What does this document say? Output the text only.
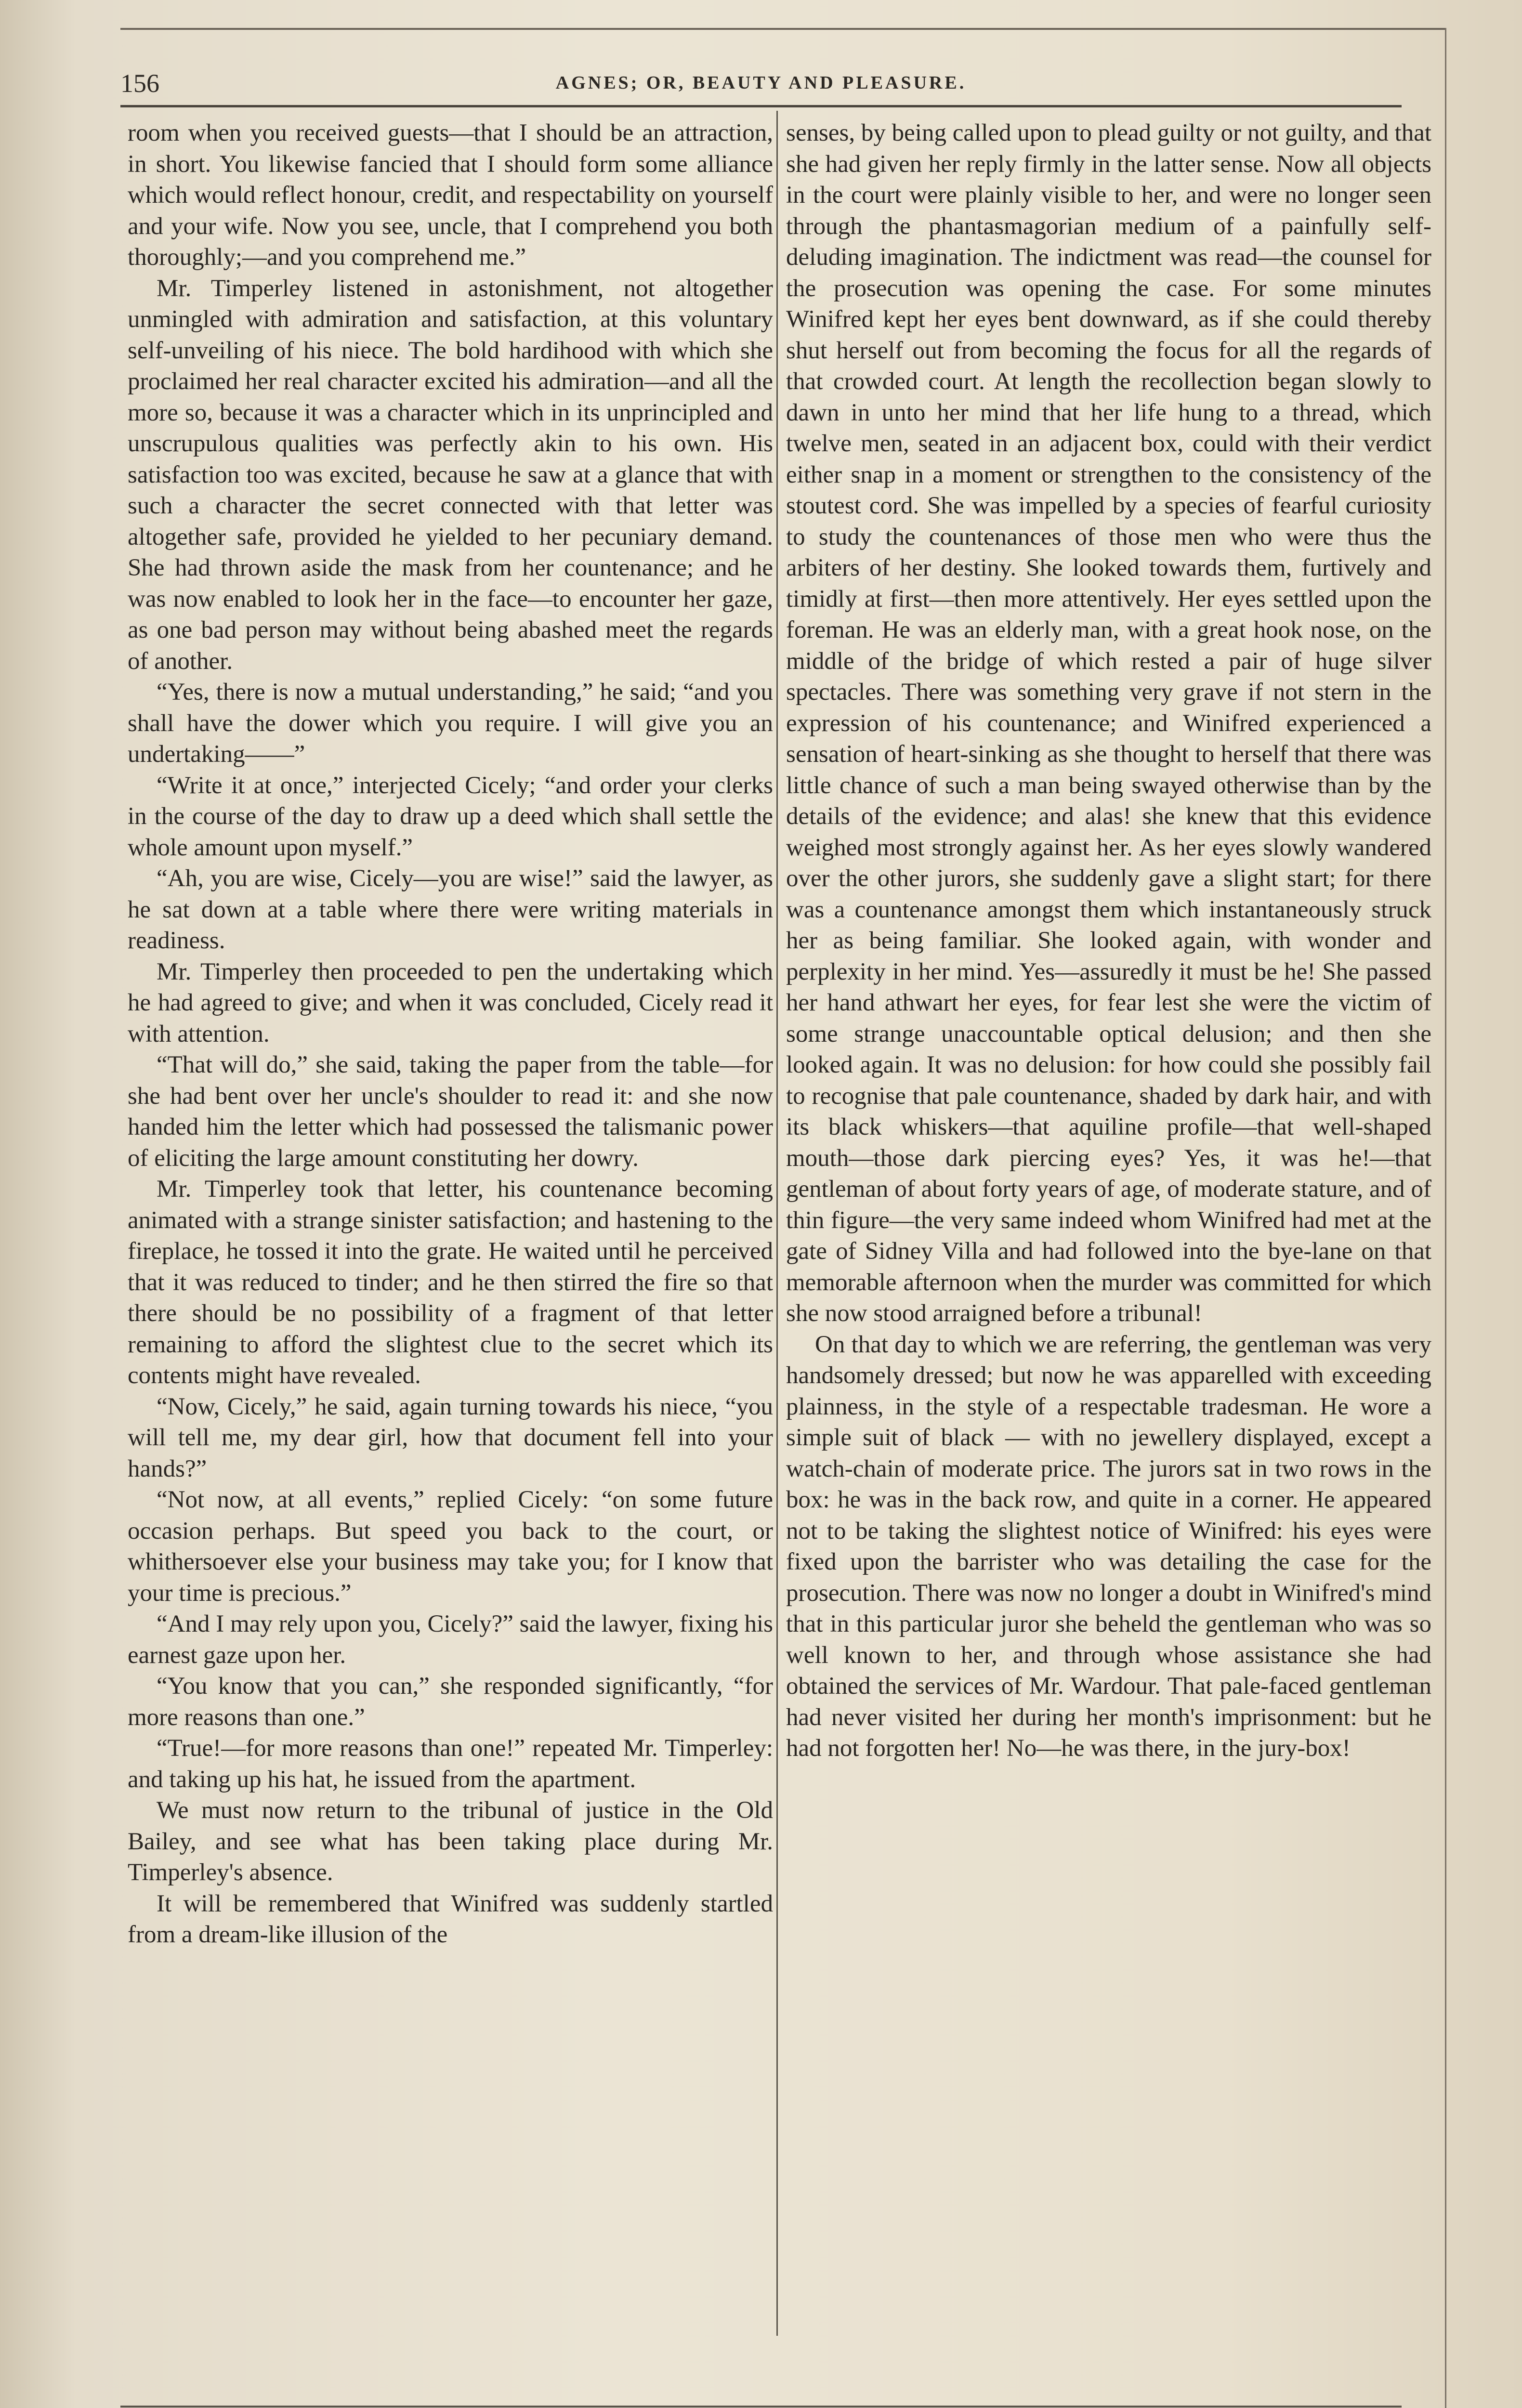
156	AGNES; OR, BEAUTY AND PLEASURE.

room when you received guests—that I should be an attraction, in short. You likewise fancied that I should form some alliance which would reflect honour, credit, and respectability on yourself and your wife. Now you see, uncle, that I comprehend you both thoroughly;—and you comprehend me.”

Mr. Timperley listened in astonishment, not altogether unmingled with admiration and satisfaction, at this voluntary self-unveiling of his niece. The bold hardihood with which she proclaimed her real character excited his admiration—and all the more so, because it was a character which in its unprincipled and unscrupulous qualities was perfectly akin to his own. His satisfaction too was excited, because he saw at a glance that with such a character the secret connected with that letter was altogether safe, provided he yielded to her pecuniary demand. She had thrown aside the mask from her countenance; and he was now enabled to look her in the face—to encounter her gaze, as one bad person may without being abashed meet the regards of another.

“Yes, there is now a mutual understanding,” he said; “and you shall have the dower which you require. I will give you an undertaking——”

“Write it at once,” interjected Cicely; “and order your clerks in the course of the day to draw up a deed which shall settle the whole amount upon myself.”

“Ah, you are wise, Cicely—you are wise!” said the lawyer, as he sat down at a table where there were writing materials in readiness.

Mr. Timperley then proceeded to pen the undertaking which he had agreed to give; and when it was concluded, Cicely read it with attention.

“That will do,” she said, taking the paper from the table—for she had bent over her uncle's shoulder to read it: and she now handed him the letter which had possessed the talismanic power of eliciting the large amount constituting her dowry.

Mr. Timperley took that letter, his countenance becoming animated with a strange sinister satisfaction; and hastening to the fireplace, he tossed it into the grate. He waited until he perceived that it was reduced to tinder; and he then stirred the fire so that there should be no possibility of a fragment of that letter remaining to afford the slightest clue to the secret which its contents might have revealed.

“Now, Cicely,” he said, again turning towards his niece, “you will tell me, my dear girl, how that document fell into your hands?”

“Not now, at all events,” replied Cicely: “on some future occasion perhaps. But speed you back to the court, or whithersoever else your business may take you; for I know that your time is precious.”

“And I may rely upon you, Cicely?” said the lawyer, fixing his earnest gaze upon her.

“You know that you can,” she responded significantly, “for more reasons than one.”

“True!—for more reasons than one!” repeated Mr. Timperley: and taking up his hat, he issued from the apartment.

We must now return to the tribunal of justice in the Old Bailey, and see what has been taking place during Mr. Timperley's absence.

It will be remembered that Winifred was suddenly startled from a dream-like illusion of the

senses, by being called upon to plead guilty or not guilty, and that she had given her reply firmly in the latter sense. Now all objects in the court were plainly visible to her, and were no longer seen through the phantasmagorian medium of a painfully self-deluding imagination. The indictment was read—the counsel for the prosecution was opening the case. For some minutes Winifred kept her eyes bent downward, as if she could thereby shut herself out from becoming the focus for all the regards of that crowded court. At length the recollection began slowly to dawn in unto her mind that her life hung to a thread, which twelve men, seated in an adjacent box, could with their verdict either snap in a moment or strengthen to the consistency of the stoutest cord. She was impelled by a species of fearful curiosity to study the countenances of those men who were thus the arbiters of her destiny. She looked towards them, furtively and timidly at first—then more attentively. Her eyes settled upon the foreman. He was an elderly man, with a great hook nose, on the middle of the bridge of which rested a pair of huge silver spectacles. There was something very grave if not stern in the expression of his countenance; and Winifred experienced a sensation of heart-sinking as she thought to herself that there was little chance of such a man being swayed otherwise than by the details of the evidence; and alas! she knew that this evidence weighed most strongly against her. As her eyes slowly wandered over the other jurors, she suddenly gave a slight start; for there was a countenance amongst them which instantaneously struck her as being familiar. She looked again, with wonder and perplexity in her mind. Yes—assuredly it must be he! She passed her hand athwart her eyes, for fear lest she were the victim of some strange unaccountable optical delusion; and then she looked again. It was no delusion: for how could she possibly fail to recognise that pale countenance, shaded by dark hair, and with its black whiskers—that aquiline profile—that well-shaped mouth—those dark piercing eyes? Yes, it was he!—that gentleman of about forty years of age, of moderate stature, and of thin figure—the very same indeed whom Winifred had met at the gate of Sidney Villa and had followed into the bye-lane on that memorable afternoon when the murder was committed for which she now stood arraigned before a tribunal!

On that day to which we are referring, the gentleman was very handsomely dressed; but now he was apparelled with exceeding plainness, in the style of a respectable tradesman. He wore a simple suit of black — with no jewellery displayed, except a watch-chain of moderate price. The jurors sat in two rows in the box: he was in the back row, and quite in a corner. He appeared not to be taking the slightest notice of Winifred: his eyes were fixed upon the barrister who was detailing the case for the prosecution. There was now no longer a doubt in Winifred's mind that in this particular juror she beheld the gentleman who was so well known to her, and through whose assistance she had obtained the services of Mr. Wardour. That pale-faced gentleman had never visited her during her month's imprisonment: but he had not forgotten her! No—he was there, in the jury-box!
